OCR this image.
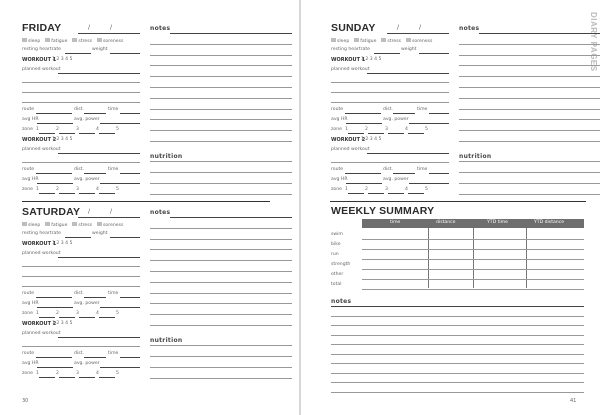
DIARY PAGES
30	41
WEEKLY SUMMARY
time	distance	YTD time	YTD distance
swim
bike
run
strength
other
total
notes
FRIDAY	/	/
sleep fatigue stress soreness
resting heartrate	weight
WORKOUT 1
1 2 3 4 5
planned workout
route	dist.	time
avg HR	avg. power
zone 1	2	3	4	5
WORKOUT 2
1 2 3 4 5
planned workout
route	dist.	time
avg HR	avg. power
zone 1	2	3	4	5
notes
nutrition
SATURDAY /	/
sleep fatigue stress soreness
resting heartrate	weight
WORKOUT 1
1 2 3 4 5
planned workout
route	dist.	time
avg HR	avg. power
zone 1	2	3	4	5
WORKOUT 2
1 2 3 4 5
planned workout
route	dist.	time
avg HR	avg. power
zone 1	2	3	4	5
notes
nutrition
SUNDAY	/	/
sleep fatigue stress soreness
resting heartrate	weight
WORKOUT 1
1 2 3 4 5
planned workout
route	dist.	time
avg HR	avg. power
zone 1	2	3	4	5
WORKOUT 2
1 2 3 4 5
planned workout
route	dist.	time
avg HR	avg. power
zone 1	2	3	4	5
notes
nutrition
